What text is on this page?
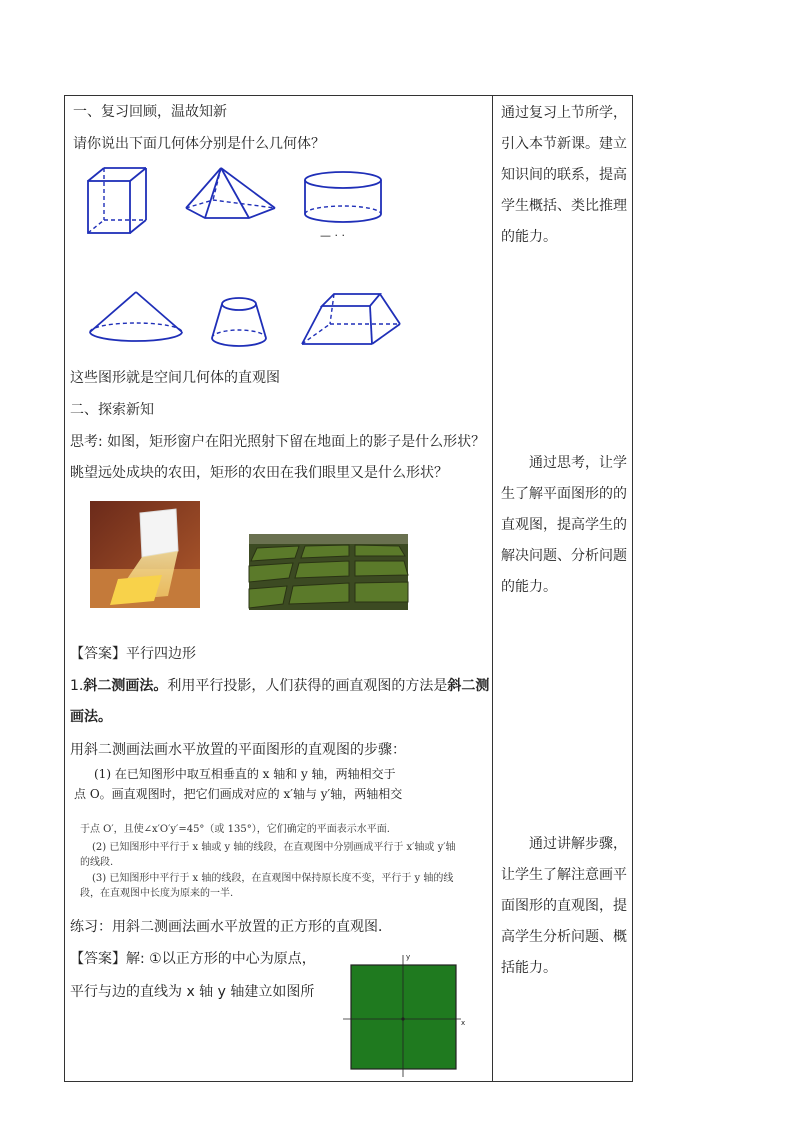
通过复习上节所学，引入本节新课。建立知识间的联系，提高学生概括、类比推理的能力。
通过思考，让学生了解平面图形的的直观图，提高学生的解决问题、分析问题的能力。
通过讲解步骤，让学生了解注意画平面图形的直观图，提高学生分析问题、概括能力。
一、复习回顾，温故知新
请你说出下面几何体分别是什么几何体？
— · ·
这些图形就是空间几何体的直观图
二、探索新知
思考: 如图，矩形窗户在阳光照射下留在地面上的影子是什么形状？
眺望远处成块的农田，矩形的农田在我们眼里又是什么形状？
【答案】平行四边形
1.斜二测画法。利用平行投影，人们获得的画直观图的方法是斜二测
画法。
用斜二测画法画水平放置的平面图形的直观图的步骤：
(1) 在已知图形中取互相垂直的 x 轴和 y 轴，两轴相交于
点 O。画直观图时，把它们画成对应的 x′轴与 y′轴，两轴相交
于点 O′，且使∠x′O′y′=45°（或 135°），它们确定的平面表示水平面.
(2) 已知图形中平行于 x 轴或 y 轴的线段，在直观图中分别画成平行于 x′轴或 y′轴
的线段.
(3) 已知图形中平行于 x 轴的线段，在直观图中保持原长度不变，平行于 y 轴的线
段，在直观图中长度为原来的一半.
练习：用斜二测画法画水平放置的正方形的直观图．
【答案】解: ①以正方形的中心为原点，
平行与边的直线为 x 轴 y 轴建立如图所
x
y
